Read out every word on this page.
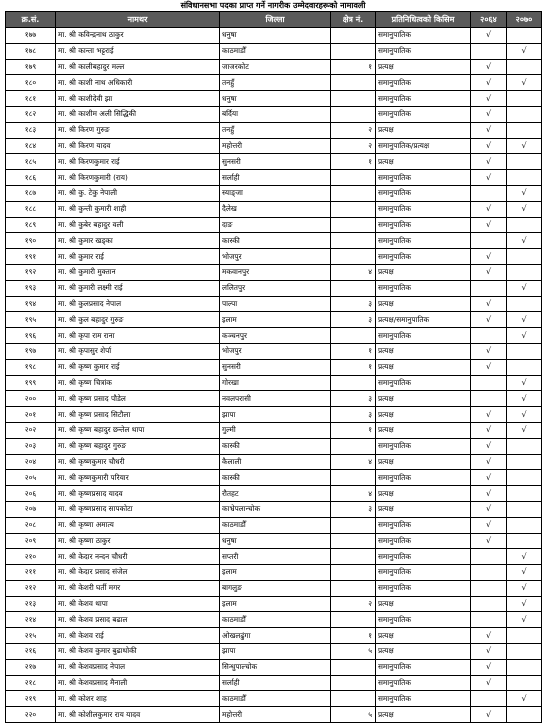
संविधानसभा पदका प्राप्त गर्ने नागरीक उम्मेदवारहरूको नामावली
क्र.सं.	नामथर	जिल्ला	क्षेत्र नं.	प्रतिनिधित्वको किसिम	२०६४	२०७०
१७७	मा. श्री कविन्द्रनाथ ठाकुर	धनुषा		समानुपातिक	√	
१७८	मा. श्री कान्ता भट्टराई	काठमाडौँ		समानुपातिक		√
१७९	मा. श्री कालीबहादुर मल्ल	जाजरकोट	१	प्रत्यक्ष	√	
१८०	मा. श्री काशी नाथ अधिकारी	तनहुँ		समानुपातिक	√	√
१८१	मा. श्री काशीदेवी झा	धनुषा		समानुपातिक	√	
१८२	मा. श्री काशीम अली सिद्धिकी	बर्दिया		समानुपातिक	√	
१८३	मा. श्री किरण गुरुङ	तनहुँ	२	प्रत्यक्ष	√	
१८४	मा. श्री किरण यादव	महोत्तरी	२	समानुपातिक/प्रत्यक्ष	√	√
१८५	मा. श्री किरणकुमार राई	सुनसरी	१	प्रत्यक्ष	√	
१८६	मा. श्री किरणकुमारी (राय)	सर्लाही		समानुपातिक	√	
१८७	मा. श्री कु. टेकु नेपाली	स्याङ्जा		समानुपातिक		√
१८८	मा. श्री कुन्ती कुमारी शाही	दैलेख		समानुपातिक	√	√
१८९	मा. श्री कुबेर बहादुर वली	दाङ		समानुपातिक	√	
१९०	मा. श्री कुमार खड्का	कास्की		समानुपातिक		√
१९१	मा. श्री कुमार राई	भोजपुर		समानुपातिक	√	
१९२	मा. श्री कुमारी मुक्तान	मकवानपुर	४	प्रत्यक्ष	√	
१९३	मा. श्री कुमारी लक्ष्मी राई	ललितपुर		समानुपातिक		√
१९४	मा. श्री कुलप्रसाद नेपाल	पाल्पा	३	प्रत्यक्ष	√	
१९५	मा. श्री कुल बहादुर गुरुङ	इलाम	३	प्रत्यक्ष/समानुपातिक	√	√
१९६	मा. श्री कृपा राम राना	कञ्चनपुर		समानुपातिक		√
१९७	मा. श्री कृपासुर शेर्पा	भोजपुर	१	प्रत्यक्ष	√	
१९८	मा. श्री कृष्ण कुमार राई	सुनसरी	१	प्रत्यक्ष	√	
१९९	मा. श्री कृष्ण चित्रांक	गोरखा		समानुपातिक		√
२००	मा. श्री कृष्ण प्रसाद पौडेल	नवलपरासी	३	प्रत्यक्ष		√
२०१	मा. श्री कृष्ण प्रसाद सिटौला	झापा	३	प्रत्यक्ष	√	√
२०२	मा. श्री कृष्ण बहादुर छन्तेल थापा	गुल्मी	१	प्रत्यक्ष	√	√
२०३	मा. श्री कृष्ण बहादुर गुरुङ	कास्की		समानुपातिक	√	
२०४	मा. श्री कृष्णकुमार चौधरी	कैलाली	४	प्रत्यक्ष	√	
२०५	मा. श्री कृष्णकुमारी परियार	कास्की		समानुपातिक	√	
२०६	मा. श्री कृष्णप्रसाद यादव	रौतहट	४	प्रत्यक्ष	√	
२०७	मा. श्री कृष्णप्रसाद सापकोटा	काभ्रेपलान्चोक	३	प्रत्यक्ष	√	
२०८	मा. श्री कृष्णा अमात्य	काठमाडौँ		समानुपातिक	√	
२०९	मा. श्री कृष्णा ठाकुर	धनुषा		समानुपातिक	√	
२१०	मा. श्री केदार नन्दन चौधरी	सप्तरी		समानुपातिक		√
२११	मा. श्री केदार प्रसाद संजेल	इलाम		समानुपातिक		√
२१२	मा. श्री केशरी घर्ती मगर	बागलुङ		समानुपातिक		√
२१३	मा. श्री केशव थापा	इलाम	२	प्रत्यक्ष		√
२१४	मा. श्री केशव प्रसाद बढाल	काठमाडौँ		समानुपातिक		√
२१५	मा. श्री केशव राई	ओखलढुंगा	१	प्रत्यक्ष	√	
२१६	मा. श्री केशव कुमार बुढाथोकी	झापा	५	प्रत्यक्ष	√	
२१७	मा. श्री केशवप्रसाद नेपाल	सिन्धुपाल्चोक		समानुपातिक	√	
२१८	मा. श्री केशवप्रसाद मैनाली	सर्लाही		समानुपातिक	√	
२१९	मा. श्री कोशर शाह	काठमाडौँ		समानुपातिक		√
२२०	मा. श्री कोशीलकुमार राय यादव	महोत्तरी	५	प्रत्यक्ष	√	
